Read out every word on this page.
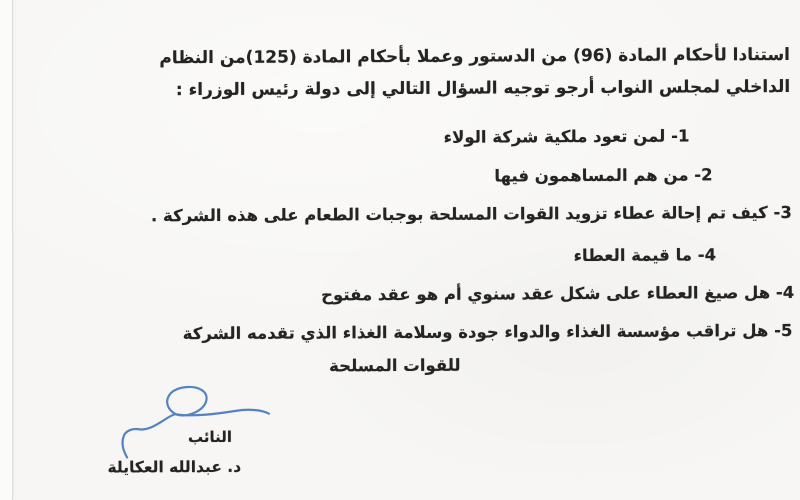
استنادا لأحكام المادة (96) من الدستور وعملا بأحكام المادة (125)من النظام
الداخلي لمجلس النواب أرجو توجيه السؤال التالي إلى دولة رئيس الوزراء :
1- لمن تعود ملكية شركة الولاء
2- من هم المساهمون فيها
3- كيف تم إحالة عطاء تزويد القوات المسلحة بوجبات الطعام على هذه الشركة .
4- ما قيمة العطاء
4- هل صيغ العطاء على شكل عقد سنوي أم هو عقد مفتوح
5- هل تراقب مؤسسة الغذاء والدواء جودة وسلامة الغذاء الذي تقدمه الشركة
للقوات المسلحة
النائب
د. عبدالله العكايلة
